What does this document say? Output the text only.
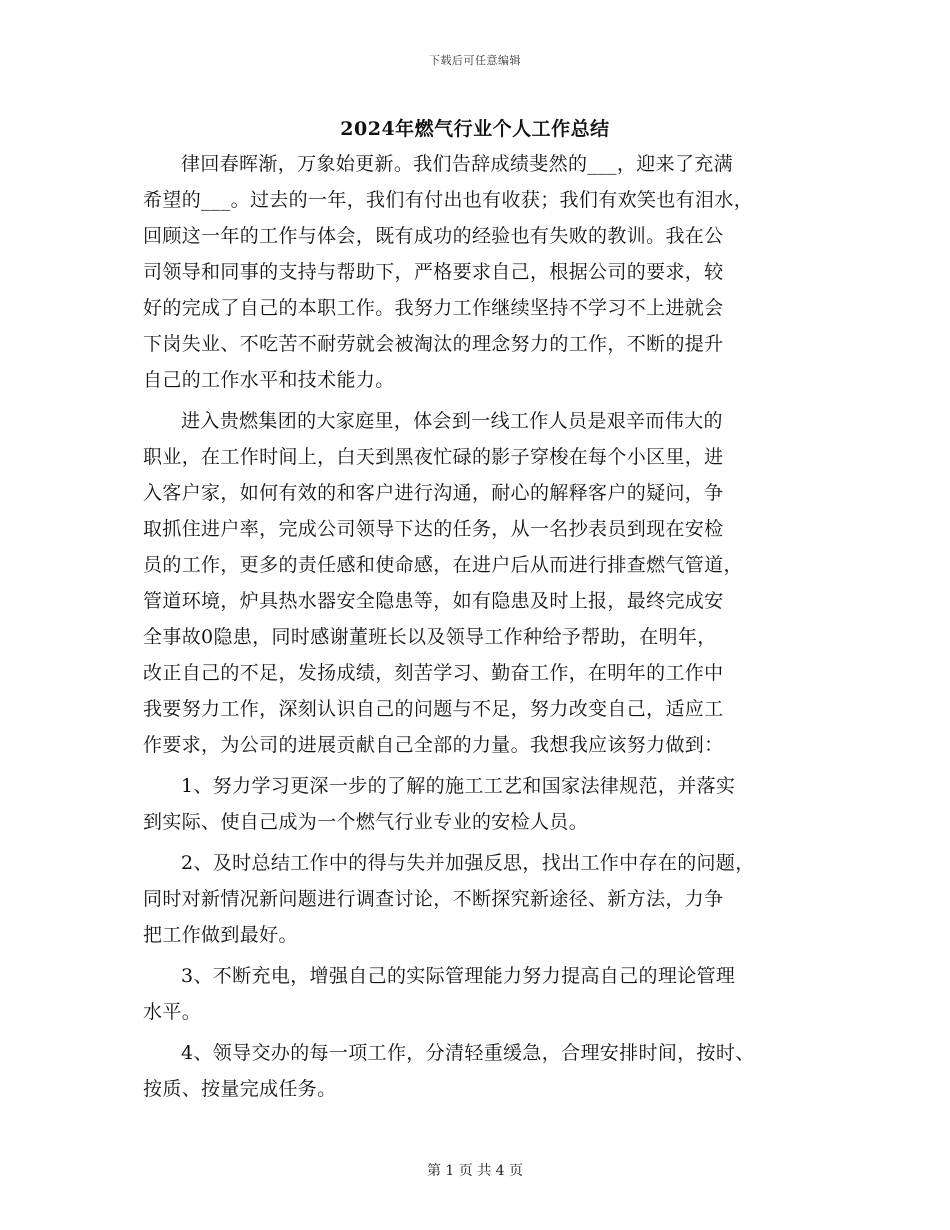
下载后可任意编辑
2024年燃气行业个人工作总结
律回春晖渐，万象始更新。我们告辞成绩斐然的___，迎来了充满
希望的___。过去的一年，我们有付出也有收获；我们有欢笑也有泪水，
回顾这一年的工作与体会，既有成功的经验也有失败的教训。我在公
司领导和同事的支持与帮助下，严格要求自己，根据公司的要求，较
好的完成了自己的本职工作。我努力工作继续坚持不学习不上进就会
下岗失业、不吃苦不耐劳就会被淘汰的理念努力的工作，不断的提升
自己的工作水平和技术能力。
进入贵燃集团的大家庭里，体会到一线工作人员是艰辛而伟大的
职业，在工作时间上，白天到黑夜忙碌的影子穿梭在每个小区里，进
入客户家，如何有效的和客户进行沟通，耐心的解释客户的疑问，争
取抓住进户率，完成公司领导下达的任务，从一名抄表员到现在安检
员的工作，更多的责任感和使命感，在进户后从而进行排查燃气管道，
管道环境，炉具热水器安全隐患等，如有隐患及时上报，最终完成安
全事故0隐患，同时感谢董班长以及领导工作种给予帮助，在明年，
改正自己的不足，发扬成绩，刻苦学习、勤奋工作，在明年的工作中
我要努力工作，深刻认识自己的问题与不足，努力改变自己，适应工
作要求，为公司的进展贡献自己全部的力量。我想我应该努力做到：
1、努力学习更深一步的了解的施工工艺和国家法律规范，并落实
到实际、使自己成为一个燃气行业专业的安检人员。
2、及时总结工作中的得与失并加强反思，找出工作中存在的问题，
同时对新情况新问题进行调查讨论，不断探究新途径、新方法，力争
把工作做到最好。
3、不断充电，增强自己的实际管理能力努力提高自己的理论管理
水平。
4、领导交办的每一项工作，分清轻重缓急，合理安排时间，按时、
按质、按量完成任务。
第 1 页 共 4 页
